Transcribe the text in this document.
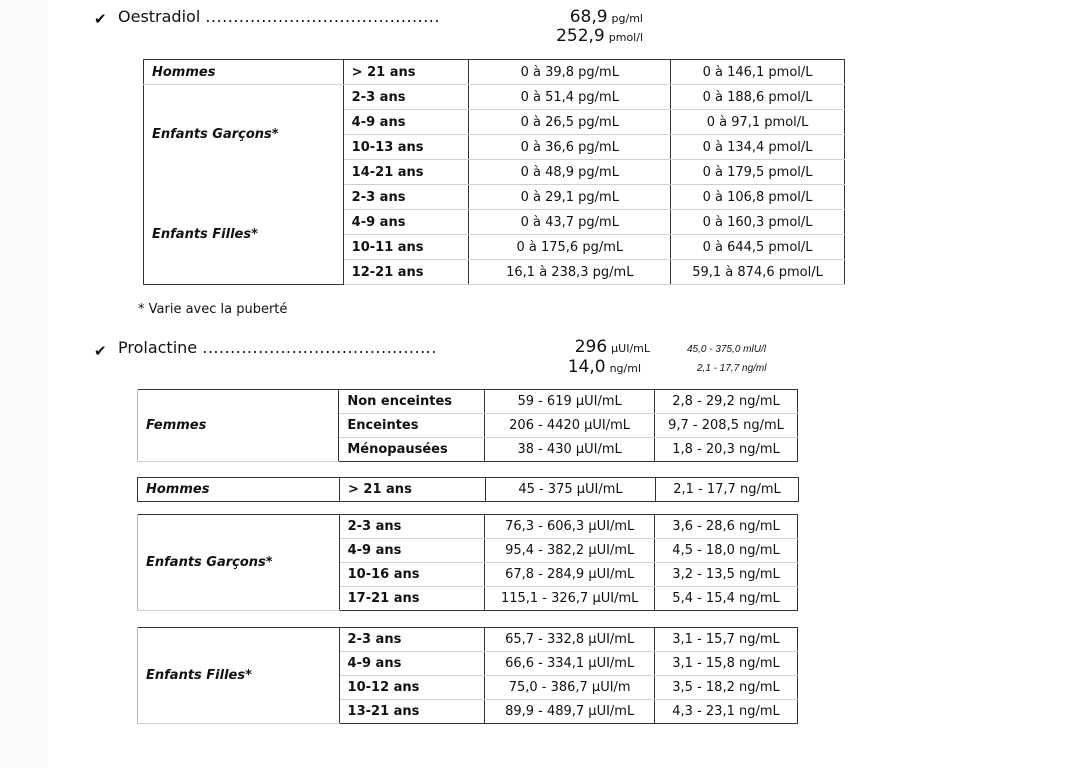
✔ Oestradiol ..........................................	68,9 pg/ml
252,9 pmol/l
Hommes	> 21 ans	0 à 39,8 pg/mL	0 à 146,1 pmol/L
Enfants Garçons*	2-3 ans	0 à 51,4 pg/mL	0 à 188,6 pmol/L
	4-9 ans	0 à 26,5 pg/mL	0 à 97,1 pmol/L
	10-13 ans	0 à 36,6 pg/mL	0 à 134,4 pmol/L
	14-21 ans	0 à 48,9 pg/mL	0 à 179,5 pmol/L
Enfants Filles*	2-3 ans	0 à 29,1 pg/mL	0 à 106,8 pmol/L
	4-9 ans	0 à 43,7 pg/mL	0 à 160,3 pmol/L
	10-11 ans	0 à 175,6 pg/mL	0 à 644,5 pmol/L
	12-21 ans	16,1 à 238,3 pg/mL	59,1 à 874,6 pmol/L
* Varie avec la puberté
✔ Prolactine ..........................................	296 µUI/mL
14,0 ng/ml
45,0 - 375,0 mlU/l
2,1 - 17,7 ng/ml
Femmes	Non enceintes	59 - 619 µUI/mL	2,8 - 29,2 ng/mL
	Enceintes	206 - 4420 µUI/mL	9,7 - 208,5 ng/mL
	Ménopausées	38 - 430 µUI/mL	1,8 - 20,3 ng/mL
Hommes	> 21 ans	45 - 375 µUI/mL	2,1 - 17,7 ng/mL
Enfants Garçons*	2-3 ans	76,3 - 606,3 µUI/mL	3,6 - 28,6 ng/mL
	4-9 ans	95,4 - 382,2 µUI/mL	4,5 - 18,0 ng/mL
	10-16 ans	67,8 - 284,9 µUI/mL	3,2 - 13,5 ng/mL
	17-21 ans	115,1 - 326,7 µUI/mL	5,4 - 15,4 ng/mL
Enfants Filles*	2-3 ans	65,7 - 332,8 µUI/mL	3,1 - 15,7 ng/mL
	4-9 ans	66,6 - 334,1 µUI/mL	3,1 - 15,8 ng/mL
	10-12 ans	75,0 - 386,7 µUI/m	3,5 - 18,2 ng/mL
	13-21 ans	89,9 - 489,7 µUI/mL	4,3 - 23,1 ng/mL
